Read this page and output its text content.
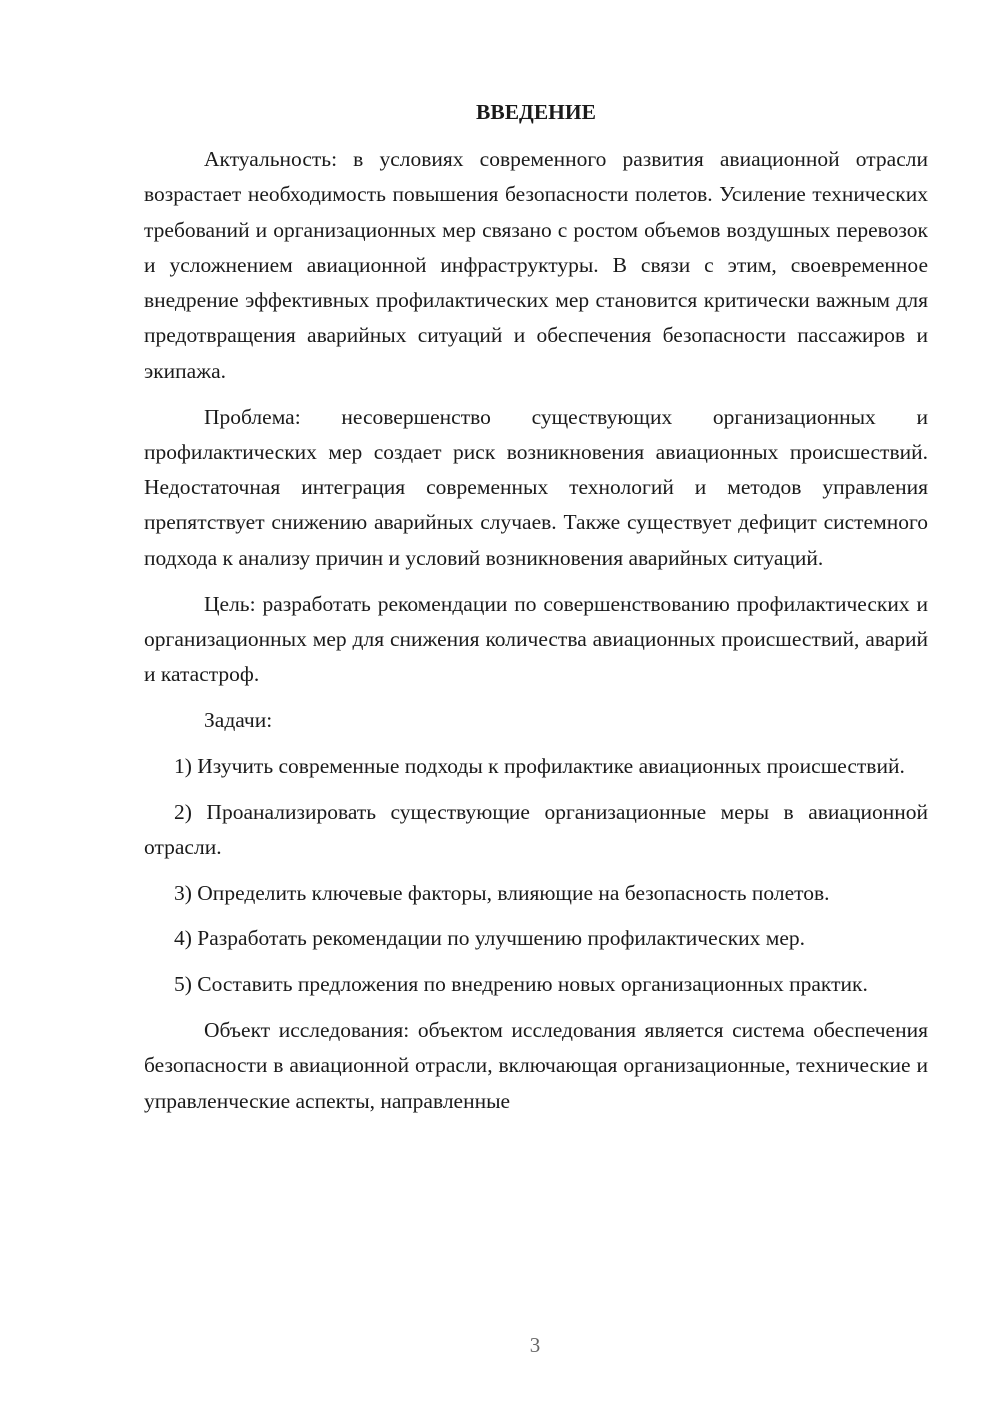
ВВЕДЕНИЕ

Актуальность: в условиях современного развития авиационной отрасли возрастает необходимость повышения безопасности полетов. Усиление технических требований и организационных мер связано с ростом объемов воздушных перевозок и усложнением авиационной инфраструктуры. В связи с этим, своевременное внедрение эффективных профилактических мер становится критически важным для предотвращения аварийных ситуаций и обеспечения безопасности пассажиров и экипажа.

Проблема: несовершенство существующих организационных и профилактических мер создает риск возникновения авиационных происшествий. Недостаточная интеграция современных технологий и методов управления препятствует снижению аварийных случаев. Также существует дефицит системного подхода к анализу причин и условий возникновения аварийных ситуаций.

Цель: разработать рекомендации по совершенствованию профилактических и организационных мер для снижения количества авиационных происшествий, аварий и катастроф.

Задачи:

1) Изучить современные подходы к профилактике авиационных происшествий.

2) Проанализировать существующие организационные меры в авиационной отрасли.

3) Определить ключевые факторы, влияющие на безопасность полетов.

4) Разработать рекомендации по улучшению профилактических мер.

5) Составить предложения по внедрению новых организационных практик.

Объект исследования: объектом исследования является система обеспечения безопасности в авиационной отрасли, включающая организационные, технические и управленческие аспекты, направленные

3
